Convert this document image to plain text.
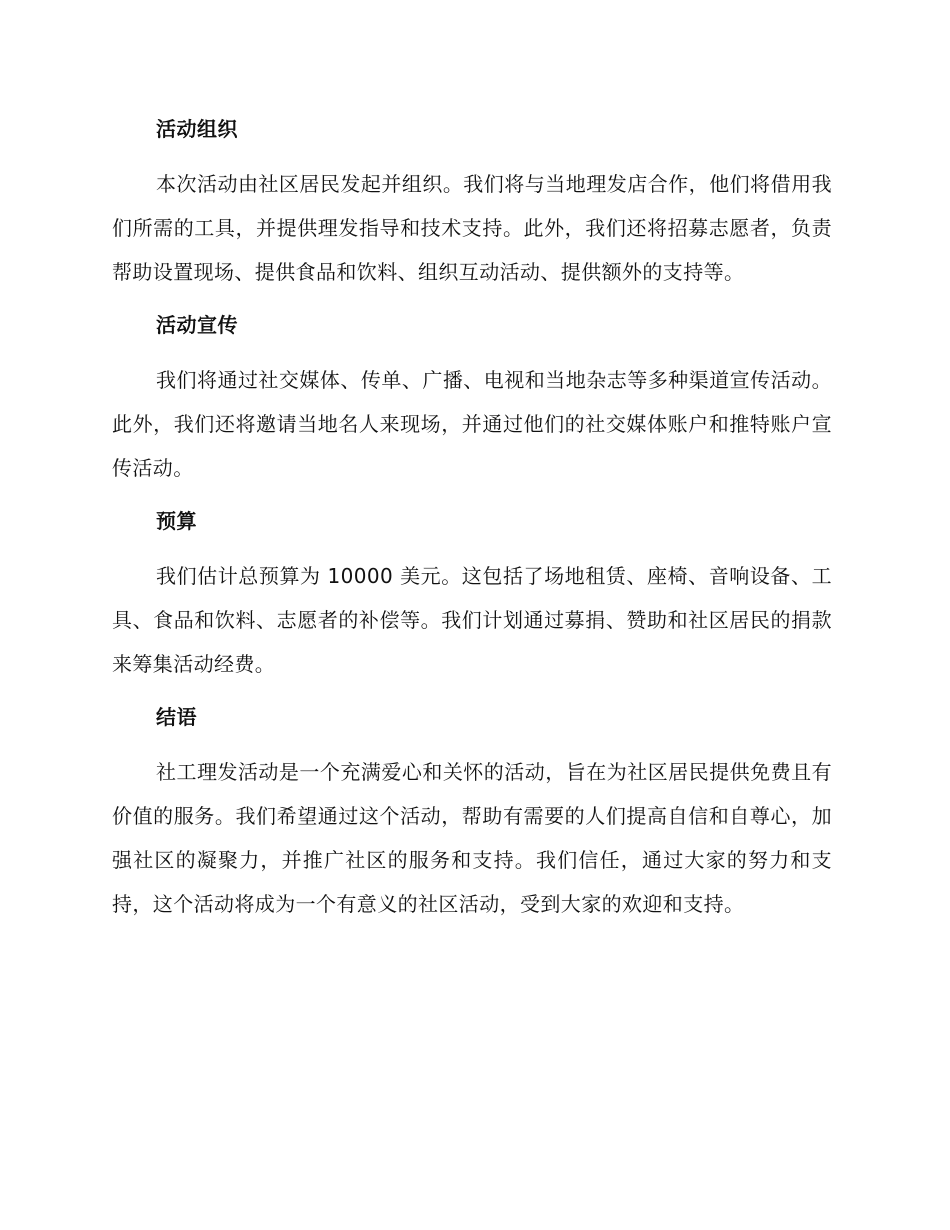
活动组织

本次活动由社区居民发起并组织。我们将与当地理发店合作，他们将借用我们所需的工具，并提供理发指导和技术支持。此外，我们还将招募志愿者，负责帮助设置现场、提供食品和饮料、组织互动活动、提供额外的支持等。

活动宣传

我们将通过社交媒体、传单、广播、电视和当地杂志等多种渠道宣传活动。此外，我们还将邀请当地名人来现场，并通过他们的社交媒体账户和推特账户宣传活动。

预算

我们估计总预算为 10000 美元。这包括了场地租赁、座椅、音响设备、工具、食品和饮料、志愿者的补偿等。我们计划通过募捐、赞助和社区居民的捐款来筹集活动经费。

结语

社工理发活动是一个充满爱心和关怀的活动，旨在为社区居民提供免费且有价值的服务。我们希望通过这个活动，帮助有需要的人们提高自信和自尊心，加强社区的凝聚力，并推广社区的服务和支持。我们信任，通过大家的努力和支持，这个活动将成为一个有意义的社区活动，受到大家的欢迎和支持。
